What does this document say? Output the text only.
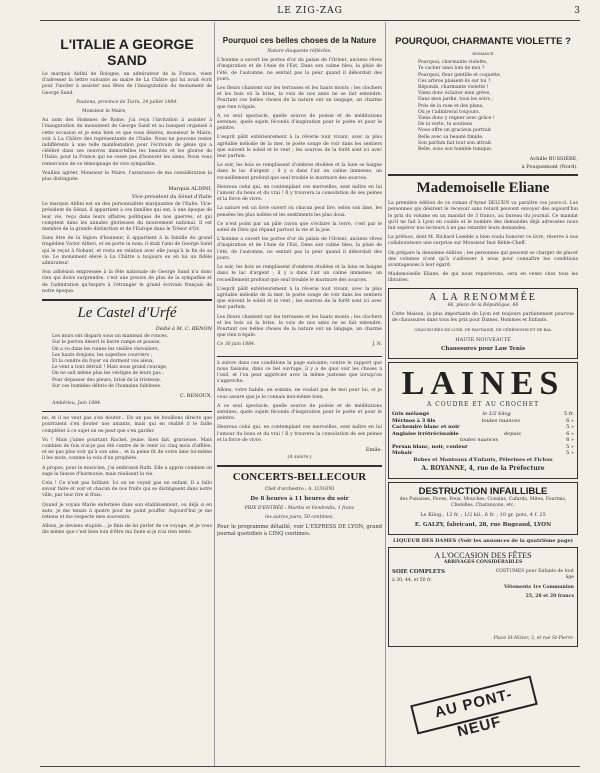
LE ZIG-ZAG	3
L'ITALIE A GEORGE SAND

Le marquis Aldini de Bologne, un admirateur de la France, vient d'adresser la lettre suivante au maire de La Châtre qui lui avait écrit pour l'inviter à assister aux fêtes de l'inauguration du monument de George Sand.

Pautona, province de Turin, 24 juillet 1884.

Monsieur le Maire,

Au nom des Hommes de Rome, j'ai reçu l'invitation à assister à l'inauguration du monument de George Sand et au banquet organisé à cette occasion et je sens bien ce que vous désirez, monsieur le Maire, voir à La Châtre des représentants de l'Italie. Nous ne pouvons rester indifférents à une telle manifestation pour l'écrivain de génie qui a célébré dans ses oeuvres immortelles les beautés et les gloires de l'Italie; pour la France qui ne cesse pas d'honorer les siens. Nous vous remercions de ce témoignage de vive sympathie.

Veuillez agréer, Monsieur le Maire, l'assurance de ma considération la plus distinguée.

Marquis ALDINI,

Vice-président du Sénat d'Italie

Le marquis Aldini est un des personnalités marquantes de l'Italie. Vice-président du Sénat, il appartient à ces familles qui ont, à une époque de leur vie, reçu dans leurs affaires politiques de nos guerres, et qui comptent dans les annales glorieuses du mouvement national. Il est membre de la grande distinction et de l'Europe dans le Trésor d'Or.

Sans être de la légion d'honneur, il appartient à la famille du grand tragédien Victor Alfieri, et en porte le nom; il était l'ami de George Sand qui le reçut à Nohant, et resta en relation avec elle jusqu'à la fin de sa vie. Le monument élevé à La Châtre a toujours eu en lui un fidèle admirateur.

Son adhésion empressée à la fête nationale de George Sand n'a donc rien qui doive surprendre, c'est une preuve de plus de la sympathie et de l'admiration qu'inspire à l'étranger le grand écrivain français de notre époque.

Le Castel d'Urfé

Dédié à M. C. RENON

Les murs ont disparu sous un manteau de ronces,
Sur le perron désert le lierre rampe et pousse,
On a vu dans les ruines les vieilles chevaliers,
Les hauts donjons, les superbes courriers ;
Et la cendre du foyer où dorment vos aïeux,
Le vent a tout détruit ! Mais nous grand courage,
On ne sait même plus les vestiges de leurs pas ;
Pour dépasser des pleurs, brisé de la tristesse,
Sur ces humbles débris de l'humaine faiblesse.

C. RENOUX.

Ambérieu, Juin 1884.

ne, et il ne veut pas s'en douter... En un pas de bouillons directs que pourraient s'en douter nos amants, mais qui en réalité il le faille compléter à ce sujet on ne peut que s'en garder.

Vu ! Mais j'aime pourtant Rachel, jeune, bien fait, gracieuse. Mais combien de fois n'ai-je pas été contre de le venir ici cinq mois d'affilée, et ne pas plus voir qu'à son aise... et la peine fit de votre âme lui-même il les mots, comme la voix d'un prophète.

A propos, pour le musicien, j'ai embrassé Ruth. Elle a appris combien on sage la fausse d'harmonie, mais réalisant la vie.

Cela ! Ce n'est pas brillant. Ici on ne voyait pas un enfant. Il a fallu savoir faire et voir et chacun de nos fruits qui se distinguent dans notre ville, par leur rire si frais.

Quand je voyais Marie enfermée dans son établissement, ou déjà si en auto, je me tenais à quatre pour ne point pouffer. Aujourd'hui je me retiens et me respecte mes souvenirs.

Allons, je deviens stupide... je finis de lui parler de ce voyage, et je vous dis même que c'est bien loin d'être ma faute si je n'ai rien tenté.

Pourquoi ces belles choses de la Nature

Nature éloquente réfléchie.

L'homme a ouvert les portes d'or du palais de l'Orient, anciens rêves d'inspiration et de l'Asie de l'Est, Dans son calme bleu, la pluie de l'été, de l'automne, ne sentait pas la peur quand il débordait des jours.

Les fleurs chantent sur les terrasses et les hauts monts ; les clochers et les bois où la brise, la voix de nos amis ne se fait entendre. Pourtant ces belles choses de la nature ont un langage, un charme que rien n'égale.

A ce seul spectacle, quelle source de poésie et de méditations sereines, quels sujets féconds d'inspiration pour le poète et pour le peintre.

L'esprit pâlit extérieurement à la rêverie tout vivant, avec la plus agréable mélodie de la mer, le poète songe de voir dans les sentiers que suivent le soleil et le vent ; les sources de la forêt sont ici avec leur parfum.

Le soir, les bois se remplissent d'ombres étoilées et la lune se baigne dans le lac d'argent ; il y a dans l'air un calme immense, un recueillement profond que seul trouble le murmure des sources.

Heureux celui qui, en contemplant ces merveilles, sent naître en lui l'amour du beau et du vrai ! Il y trouvera la consolation de ses peines et la force de vivre.

La nature est un livre ouvert où chacun peut lire, selon son âme, les pensées les plus nobles et les sentiments les plus doux.

Ce n'est point par un pâle rayon que s'éclaire la terre, c'est par le soleil de Dieu qui répand partout la vie et la joie.

L'homme a ouvert les portes d'or du palais de l'Orient, anciens rêves d'inspiration et de l'Asie de l'Est, Dans son calme bleu, la pluie de l'été, de l'automne, ne sentait pas la peur quand il débordait des jours.

Le soir, les bois se remplissent d'ombres étoilées et la lune se baigne dans le lac d'argent ; il y a dans l'air un calme immense, un recueillement profond que seul trouble le murmure des sources.

L'esprit pâlit extérieurement à la rêverie tout vivant, avec la plus agréable mélodie de la mer, le poète songe de voir dans les sentiers que suivent le soleil et le vent ; les sources de la forêt sont ici avec leur parfum.

Les fleurs chantent sur les terrasses et les hauts monts ; les clochers et les bois où la brise, la voix de nos amis ne se fait entendre. Pourtant ces belles choses de la nature ont un langage, un charme que rien n'égale.

Ce 30 juin 1884.	J. N.

à suivre dans ces conditions la page suivante; contre le rapport que nous faisions, dans ce bel ouvrage, il y a de quoi voir les choses à l'oeil, et l'on peut apprécier avec la même justesse que lorsqu'on s'approche.

Allons, votre habile, en somme, ne voulait pas de moi pour lui, et je vous assure que je le connais moi-même bien.

A ce seul spectacle, quelle source de poésie et de méditations sereines, quels sujets féconds d'inspiration pour le poète et pour le peintre.

Heureux celui qui, en contemplant ces merveilles, sent naître en lui l'amour du beau et du vrai ! Il y trouvera la consolation de ses peines et la force de vivre.

Emile.

(A suivre.)

CONCERTS-BELLECOUR

Chef d'orchestre : A. LUIGINI

De 8 heures à 11 heures du soir

PRIX D'ENTRÉE : Mardis et Vendredis, 1 franc

les autres jours, 50 centimes.

Pour le programme détaillé, voir L'EXPRESS DE LYON, grand journal quotidien à CINQ centimes.

POURQUOI, CHARMANTE VIOLETTE ?

ROMANCE

Pourquoi, charmante violette,
Te cacher ainsi loin de moi ?
Pourquoi, fleur gentille et coquette,
Ces arbres plaisent-ils sur toi ?
Réponds, charmante violette !
Viens donc éclairer mon grève,
Dans mon jardin, tous les soirs ;
Près de la rose et des plans,
Où je t'admirerai toujours.
Viens donc y régner avec grâce !
De la verte, tu soutiens
Nous offre un gracieux portrait
Belle avec sa beauté timide,
Son parfum fait tout son attrait.
Belle, sous son humble tunique.

Achille BUSSIÈRE,

à Pouquemont (Nord).

Mademoiselle Eliane

La première édition de ce roman d'Aymé DELUEN va paraître ces jours-ci. Les personnes qui désirent le recevoir sans retard peuvent envoyer dès aujourd'hui le prix du volume en un mandat de 3 francs, au bureau du journal. Ce mandat qu'il ne fait à Lyon en coulés et le nombre des demandes déjà adressées nous fait espérer nos lecteurs à ne pas retarder leurs demandes.

La préface, dont M. Richard Leseble a bien voulu honorer ce livre, réserve à nos collaborateurs une surprise sur Monsieur Inot Réble-Cheff.

On prépare la deuxième édition ; les personnes qui peuvent se charger de placer des volumes n'ont qu'à s'adresser à nous pour connaître les conditions avantageuses à leur égard.

Mademoiselle Eliane, de qui nous reparlerons, sera en vente chez tous les libraires.

A LA RENOMMÉE

66, place de la République, 66

Cette Maison, la plus importante de Lyon est toujours parfaitement pourvue de chaussures dans tous les prix pour Dames, Hommes et Enfants.

CHAUSSURES DE LUXE, DE FANTAISIE, DE CÉRÉMONIE ET DE BAL

HAUTE NOUVEAUTÉ

Chaussures pour Law Tenis

LAINES

A COUDRE ET AU CROCHET

Gris mélangé	le 1/2 kilog	5 fr.
Mérinos à 3 fils	toutes nuances	6 »
Cachemire blanc et noir	5 »
Anglaise irrétrécissable	depuis	6 »
toutes nuances	8 »
Persan blanc, noir, couleur	5 »
Mohair	5 »

Robes et Manteaux d'Enfants, Pèlerines et Fichus

A. ROYANNE, 4, rue de la Préfecture

DESTRUCTION INFAILLIBLE

des Punaises, Puces, Poux, Mouches, Cousins, Cafards, Mites, Fourmis, Chenilles, Charançons, etc.

Le Kilog., 12 fr. ; 1/2 kil., 6 fr. ; 10 gr. pots, 4 f. 25

E. GALZY, fabricant, 28, rue Bugeaud, LYON

LIQUEUR DES DAMES (Voir les annonces de la quatrième page)

A L'OCCASION DES FÊTES

ARRIVAGES CONSIDÉRABLES

SOIE COMPLETS

à 30, 44, et 50 fr.

COSTUMES pour Enfants de tout âge

Vêtements 1re Communion

25, 28 et 20 francs

Place St-Nizier, 3, et rue St-Pierre

AU PONT-NEUF
